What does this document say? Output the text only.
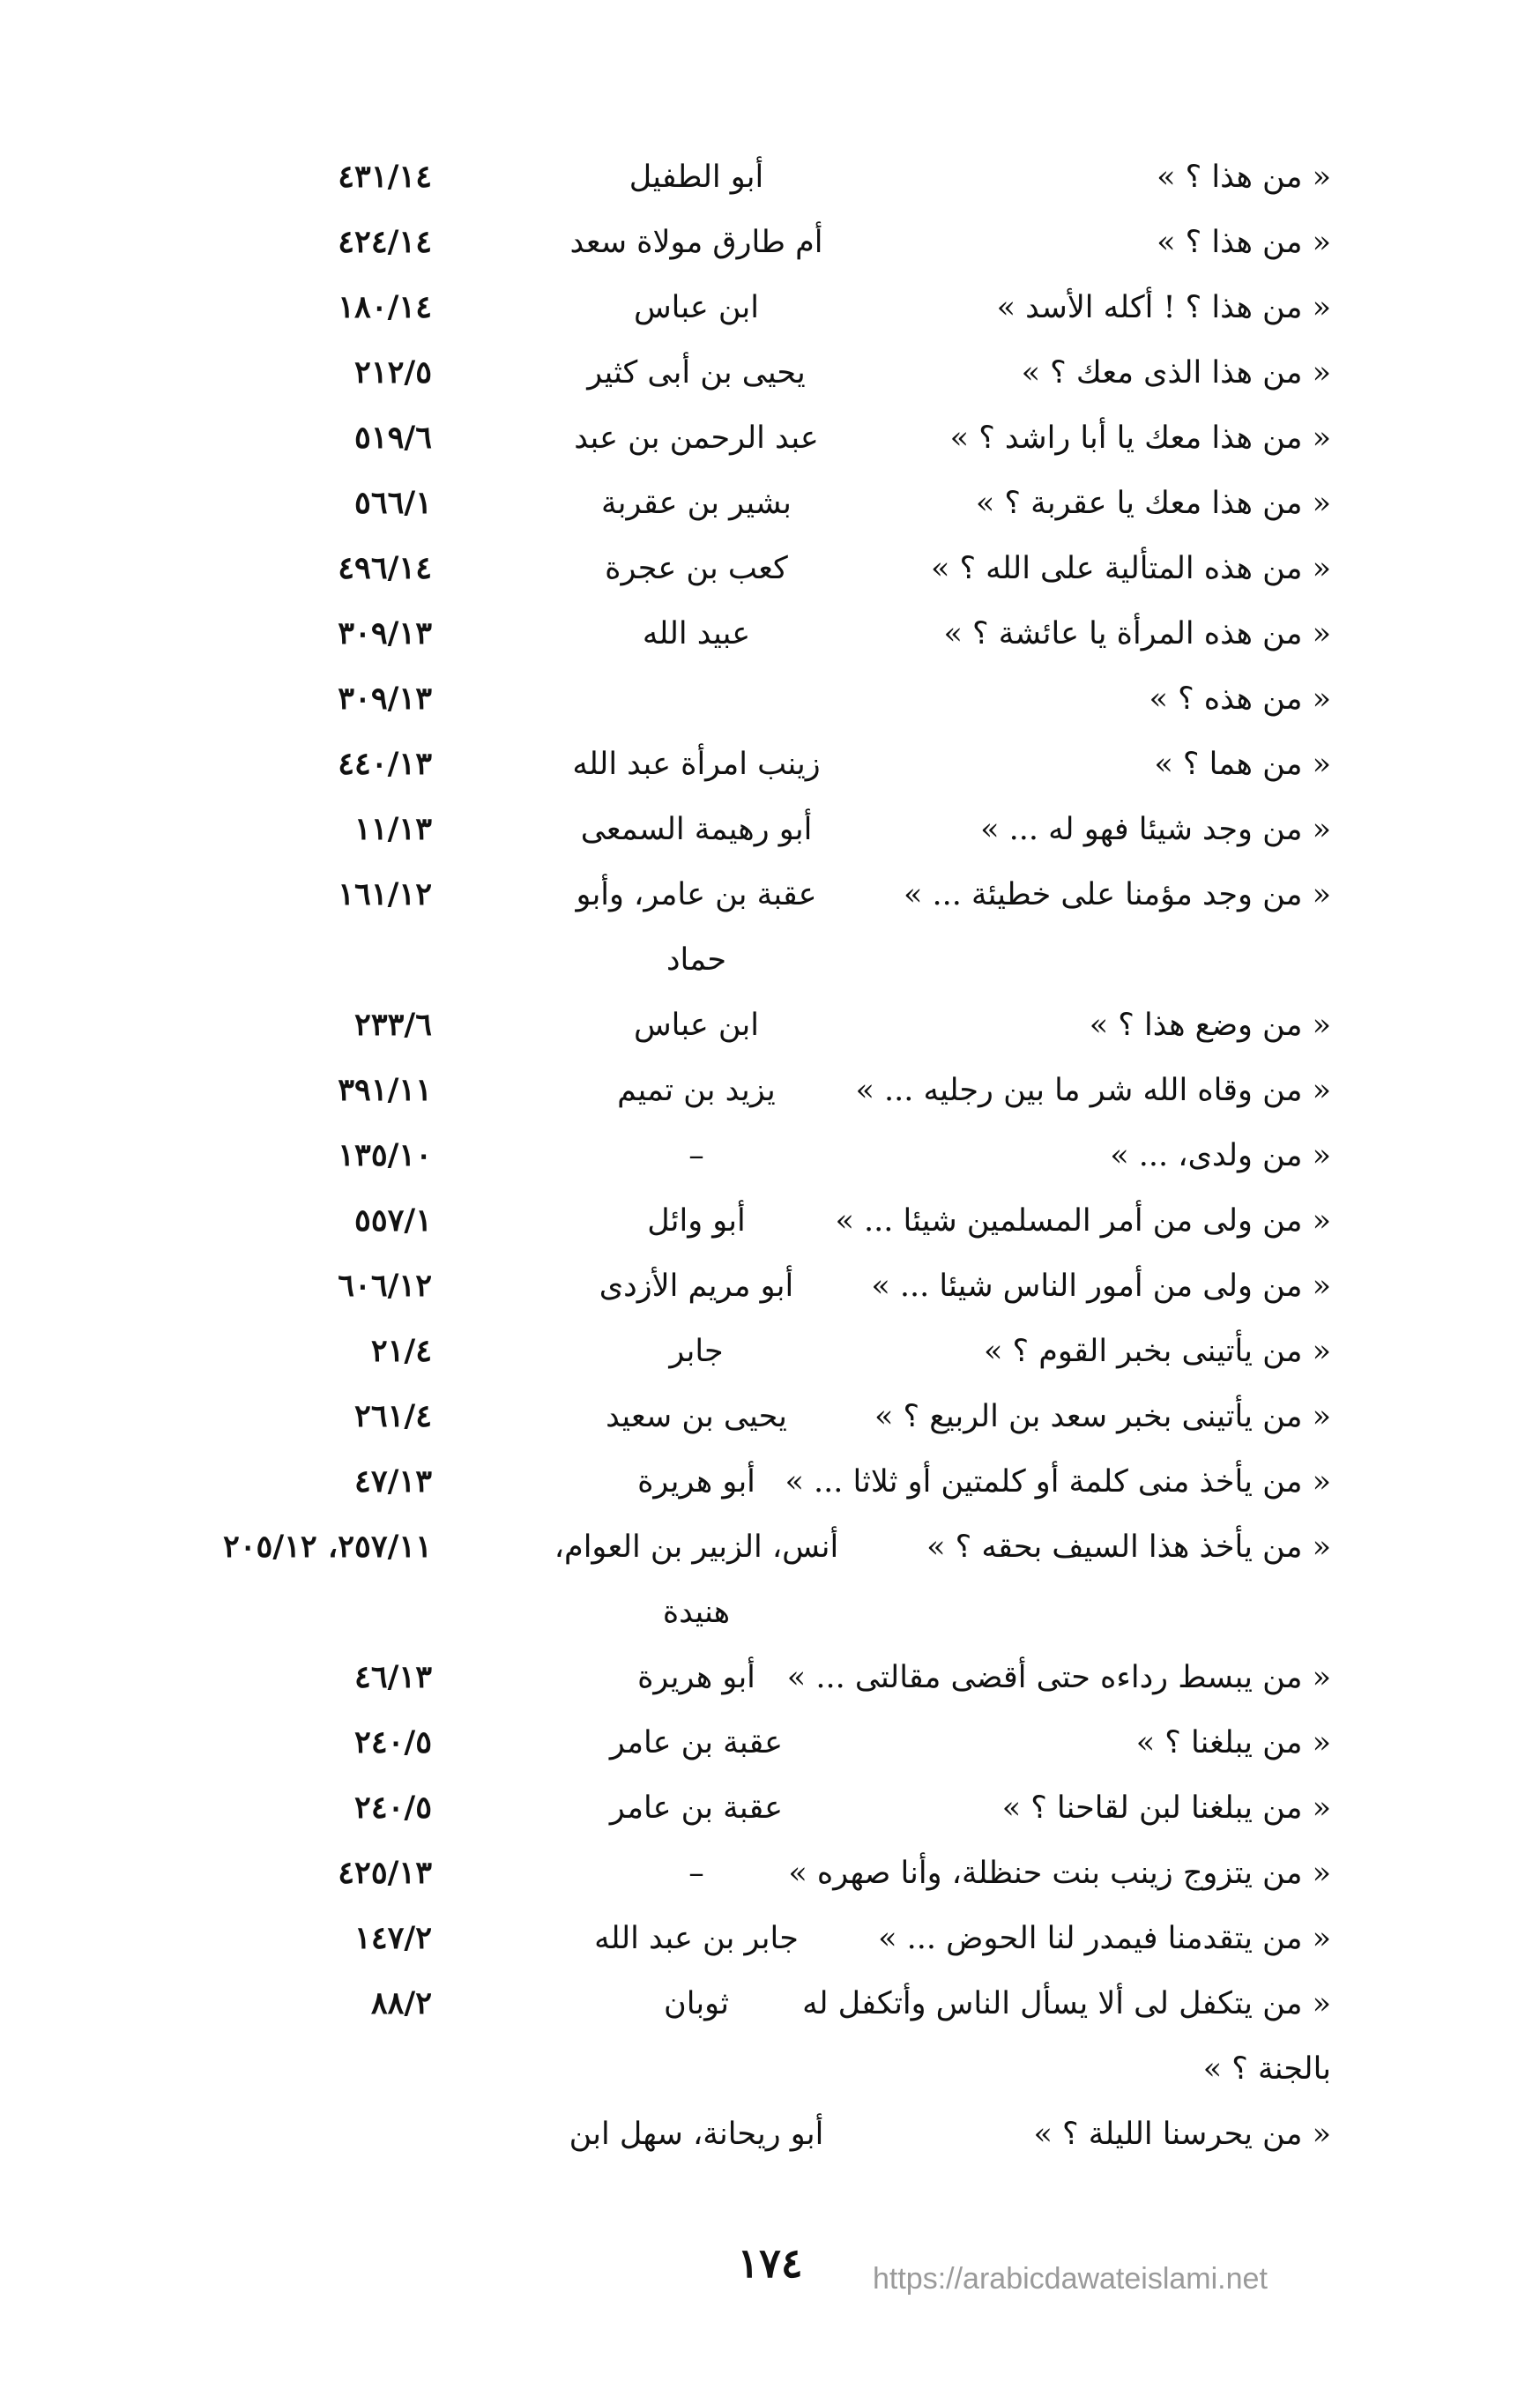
« من هذا ؟ »
أبو الطفيل
٤٣١/١٤
« من هذا ؟ »
أم طارق مولاة سعد
٤٢٤/١٤
« من هذا ؟ ! أكله الأسد »
ابن عباس
١٨٠/١٤
« من هذا الذى معك ؟ »
يحيى بن أبى كثير
٢١٢/٥
« من هذا معك يا أبا راشد ؟ »
عبد الرحمن بن عبد
٥١٩/٦
« من هذا معك يا عقربة ؟ »
بشير بن عقربة
٥٦٦/١
« من هذه المتألية على الله ؟ »
كعب بن عجرة
٤٩٦/١٤
« من هذه المرأة يا عائشة ؟ »
عبيد الله
٣٠٩/١٣
« من هذه ؟ »
٣٠٩/١٣
« من هما ؟ »
زينب امرأة عبد الله
٤٤٠/١٣
« من وجد شيئا فهو له ... »
أبو رهيمة السمعى
١١/١٣
« من وجد مؤمنا على خطيئة ... »
عقبة بن عامر، وأبو
١٦١/١٢
حماد
« من وضع هذا ؟ »
ابن عباس
٢٣٣/٦
« من وقاه الله شر ما بين رجليه ... »
يزيد بن تميم
٣٩١/١١
« من ولدى، ... »
–
١٣٥/١٠
« من ولى من أمر المسلمين شيئا ... »
أبو وائل
٥٥٧/١
« من ولى من أمور الناس شيئا ... »
أبو مريم الأزدى
٦٠٦/١٢
« من يأتينى بخبر القوم ؟ »
جابر
٢١/٤
« من يأتينى بخبر سعد بن الربيع ؟ »
يحيى بن سعيد
٢٦١/٤
« من يأخذ منى كلمة أو كلمتين أو ثلاثا ... »
أبو هريرة
٤٧/١٣
« من يأخذ هذا السيف بحقه ؟ »
أنس، الزبير بن العوام،
٢٥٧/١١، ٢٠٥/١٢
هنيدة
« من يبسط رداءه حتى أقضى مقالتى ... »
أبو هريرة
٤٦/١٣
« من يبلغنا ؟ »
عقبة بن عامر
٢٤٠/٥
« من يبلغنا لبن لقاحنا ؟ »
عقبة بن عامر
٢٤٠/٥
« من يتزوج زينب بنت حنظلة، وأنا صهره »
–
٤٢٥/١٣
« من يتقدمنا فيمدر لنا الحوض ... »
جابر بن عبد الله
١٤٧/٢
« من يتكفل لى ألا يسأل الناس وأتكفل له
ثوبان
٨٨/٢
بالجنة ؟ »
« من يحرسنا الليلة ؟ »
أبو ريحانة، سهل ابن
١٧٤	https://arabicdawateislami.net
